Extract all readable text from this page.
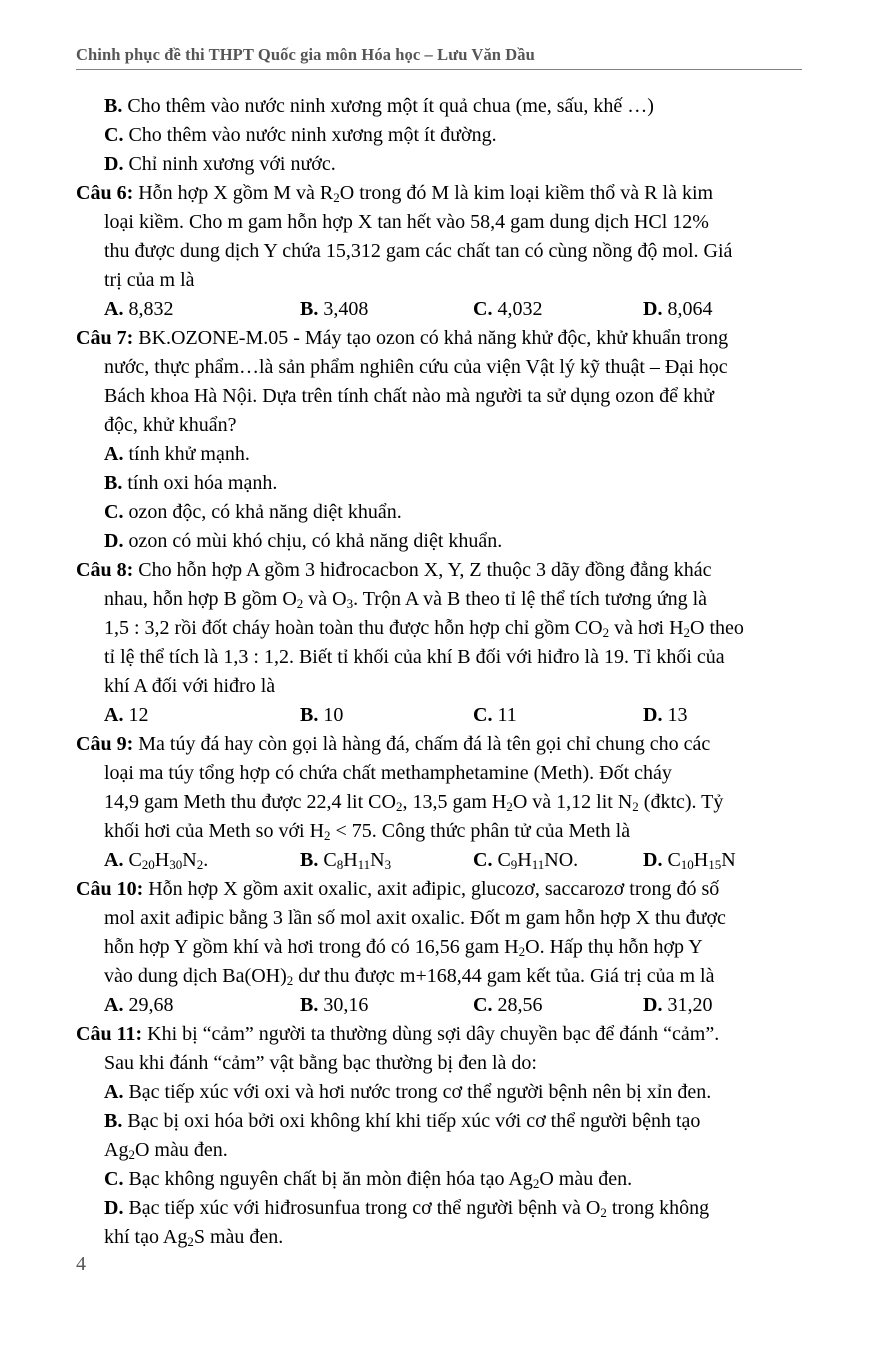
Chinh phục đề thi THPT Quốc gia môn Hóa học – Lưu Văn Dầu
B. Cho thêm vào nước ninh xương một ít quả chua (me, sấu, khế …)
C. Cho thêm vào nước ninh xương một ít đường.
D. Chỉ ninh xương với nước.
Câu 6: Hỗn hợp X gồm M và $R_2O$ trong đó M là kim loại kiềm thổ và R là kim
loại kiềm. Cho m gam hỗn hợp X tan hết vào 58,4 gam dung dịch HCl 12%
thu được dung dịch Y chứa 15,312 gam các chất tan có cùng nồng độ mol. Giá
trị của m là
A. 8,832	B. 3,408	C. 4,032	D. 8,064
Câu 7: BK.OZONE-M.05 - Máy tạo ozon có khả năng khử độc, khử khuẩn trong
nước, thực phẩm…là sản phẩm nghiên cứu của viện Vật lý kỹ thuật – Đại học
Bách khoa Hà Nội. Dựa trên tính chất nào mà người ta sử dụng ozon để khử
độc, khử khuẩn?
A. tính khử mạnh.
B. tính oxi hóa mạnh.
C. ozon độc, có khả năng diệt khuẩn.
D. ozon có mùi khó chịu, có khả năng diệt khuẩn.
Câu 8: Cho hỗn hợp A gồm 3 hiđrocacbon X, Y, Z thuộc 3 dãy đồng đẳng khác
nhau, hỗn hợp B gồm $O_2$ và $O_3$. Trộn A và B theo tỉ lệ thể tích tương ứng là
1,5 : 3,2 rồi đốt cháy hoàn toàn thu được hỗn hợp chỉ gồm $CO_2$ và hơi $H_2O$ theo
tỉ lệ thể tích là 1,3 : 1,2. Biết tỉ khối của khí B đối với hiđro là 19. Tỉ khối của
khí A đối với hiđro là
A. 12	B. 10	C. 11	D. 13
Câu 9: Ma túy đá hay còn gọi là hàng đá, chấm đá là tên gọi chỉ chung cho các
loại ma túy tổng hợp có chứa chất methamphetamine (Meth). Đốt cháy
14,9 gam Meth thu được 22,4 lit $CO_2$, 13,5 gam $H_2O$ và 1,12 lit $N_2$ (đktc). Tỷ
khối hơi của Meth so với $H_2 < 75$. Công thức phân tử của Meth là
A. $C_{20}H_{30}N_2$.	B. $C_8H_{11}N_3$	C. $C_9H_{11}NO$.	D. $C_{10}H_{15}N$
Câu 10: Hỗn hợp X gồm axit oxalic, axit ađipic, glucozơ, saccarozơ trong đó số
mol axit ađipic bằng 3 lần số mol axit oxalic. Đốt m gam hỗn hợp X thu được
hỗn hợp Y gồm khí và hơi trong đó có 16,56 gam $H_2O$. Hấp thụ hỗn hợp Y
vào dung dịch $Ba(OH)_2$ dư thu được m+168,44 gam kết tủa. Giá trị của m là
A. 29,68	B. 30,16	C. 28,56	D. 31,20
Câu 11: Khi bị “cảm” người ta thường dùng sợi dây chuyền bạc để đánh “cảm”.
Sau khi đánh “cảm” vật bằng bạc thường bị đen là do:
A. Bạc tiếp xúc với oxi và hơi nước trong cơ thể người bệnh nên bị xỉn đen.
B. Bạc bị oxi hóa bởi oxi không khí khi tiếp xúc với cơ thể người bệnh tạo
$Ag_2O$ màu đen.
C. Bạc không nguyên chất bị ăn mòn điện hóa tạo $Ag_2O$ màu đen.
D. Bạc tiếp xúc với hiđrosunfua trong cơ thể người bệnh và $O_2$ trong không
khí tạo $Ag_2S$ màu đen.
4
